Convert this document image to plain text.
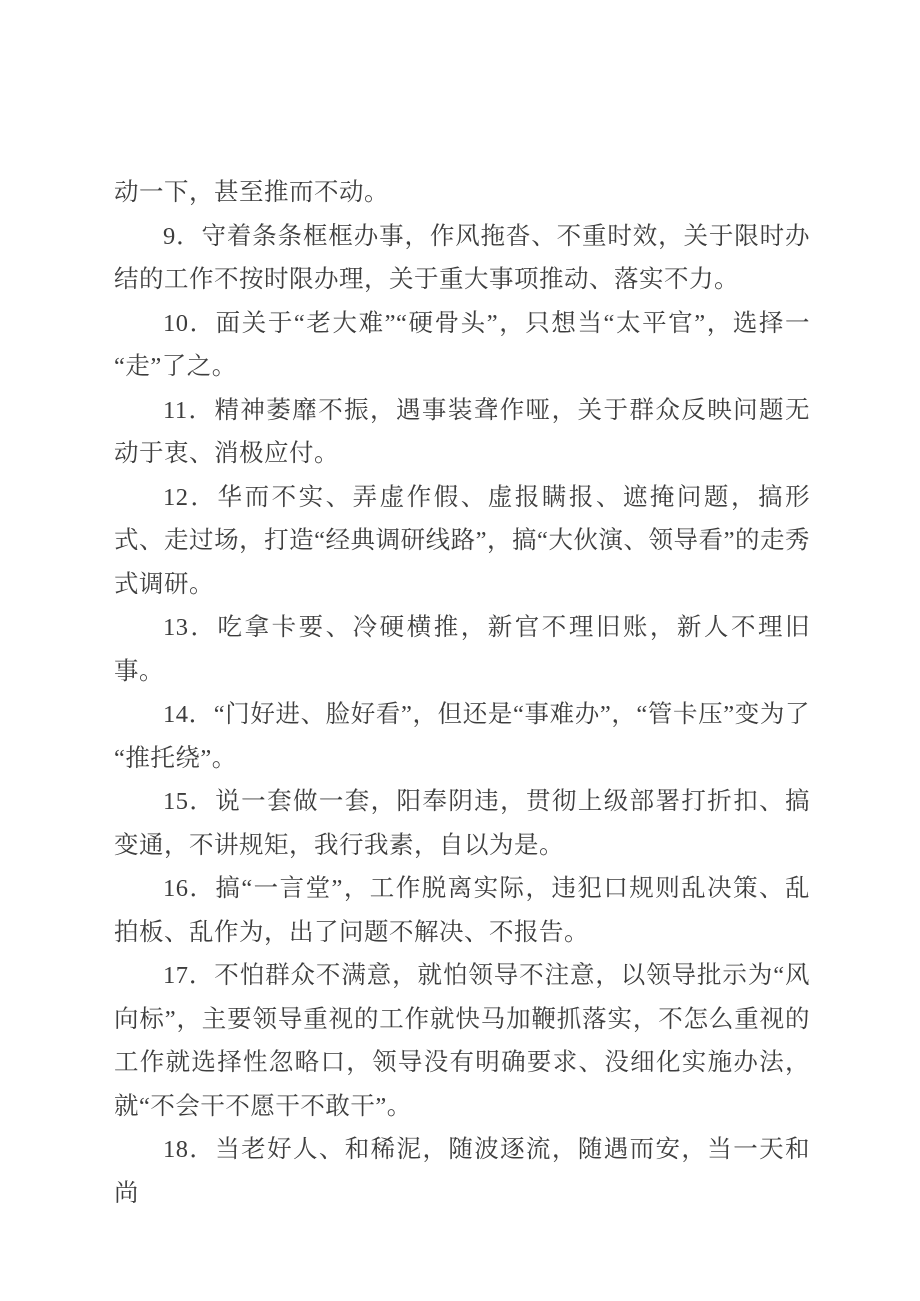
动一下，甚至推而不动。

9．守着条条框框办事，作风拖沓、不重时效，关于限时办结的工作不按时限办理，关于重大事项推动、落实不力。

10．面关于“老大难”“硬骨头”，只想当“太平官”，选择一“走”了之。

11．精神萎靡不振，遇事装聋作哑，关于群众反映问题无动于衷、消极应付。

12．华而不实、弄虚作假、虚报瞒报、遮掩问题，搞形式、走过场，打造“经典调研线路”，搞“大伙演、领导看”的走秀式调研。

13．吃拿卡要、冷硬横推，新官不理旧账，新人不理旧事。

14．“门好进、脸好看”，但还是“事难办”，“管卡压”变为了“推托绕”。

15．说一套做一套，阳奉阴违，贯彻上级部署打折扣、搞变通，不讲规矩，我行我素，自以为是。

16．搞“一言堂”，工作脱离实际，违犯口规则乱决策、乱拍板、乱作为，出了问题不解决、不报告。

17．不怕群众不满意，就怕领导不注意，以领导批示为“风向标”，主要领导重视的工作就快马加鞭抓落实，不怎么重视的工作就选择性忽略口，领导没有明确要求、没细化实施办法，就“不会干不愿干不敢干”。

18．当老好人、和稀泥，随波逐流，随遇而安，当一天和尚
